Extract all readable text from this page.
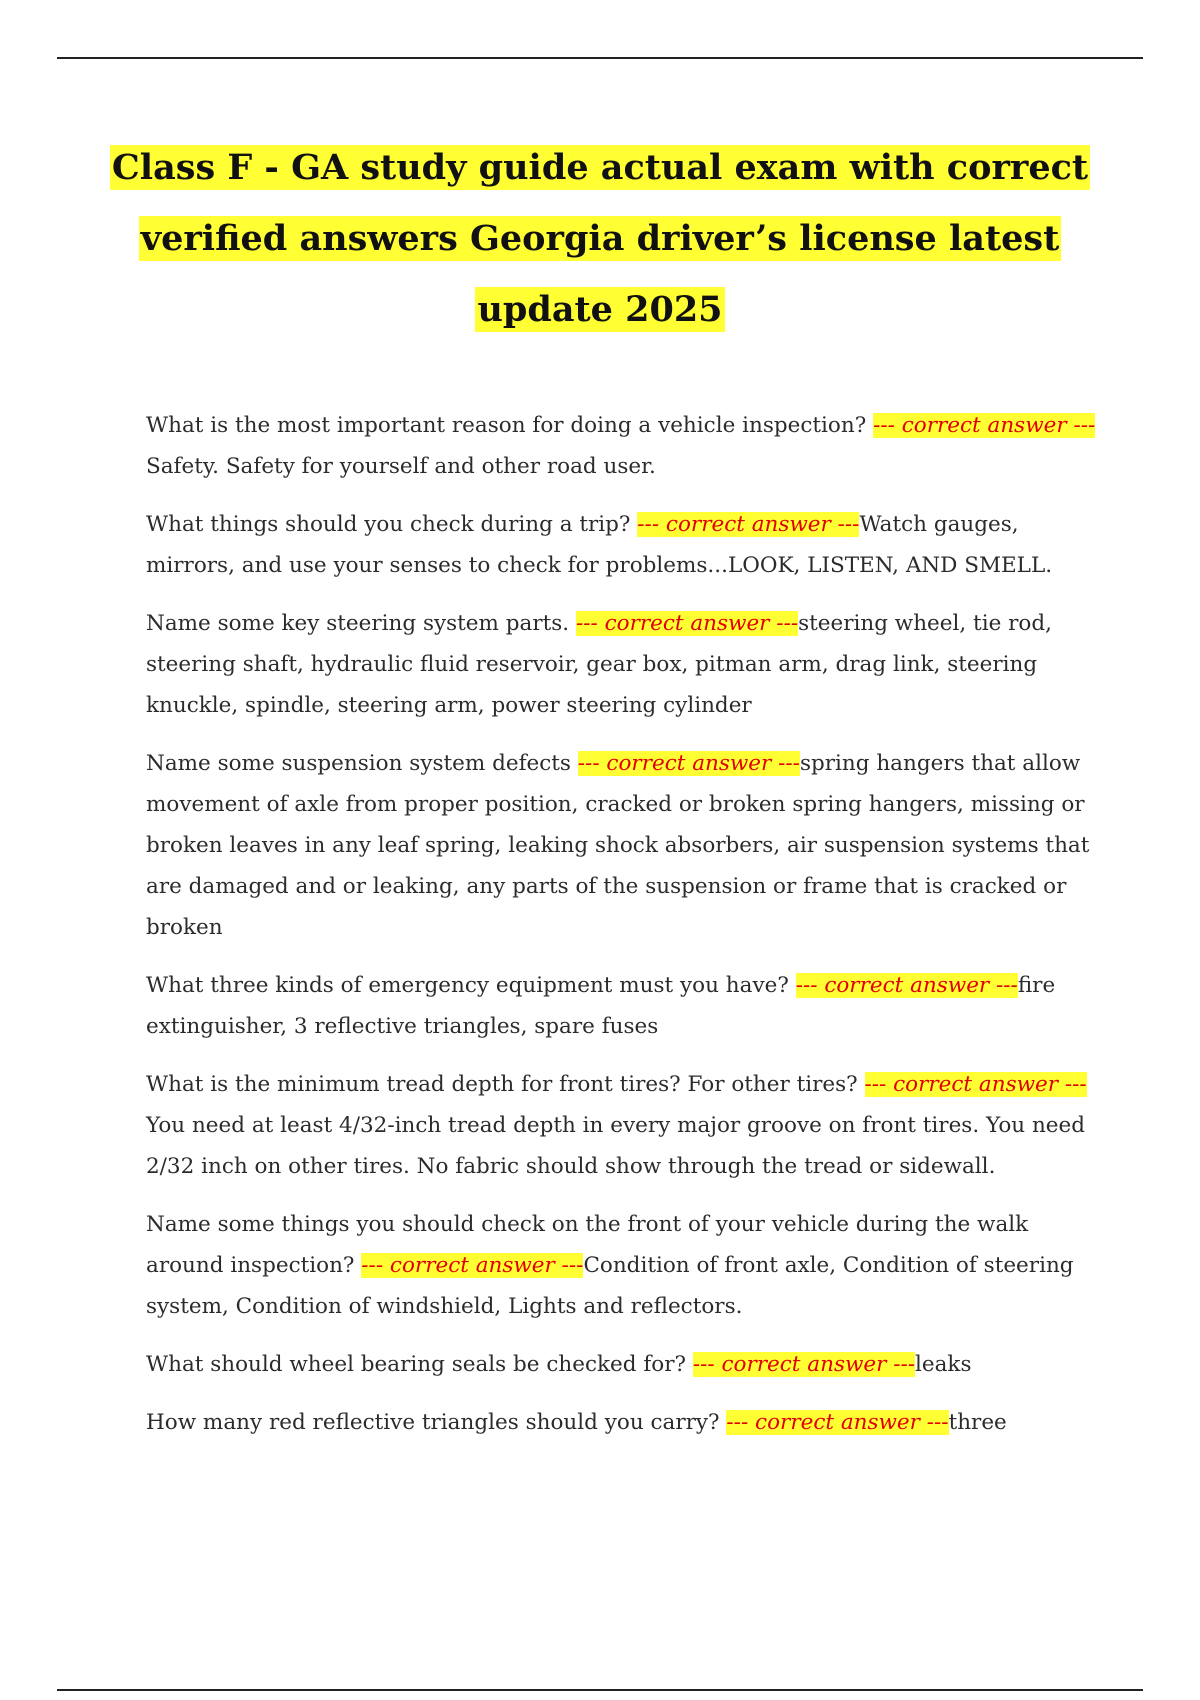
Class F - GA study guide actual exam with correct verified answers Georgia driver’s license latest update 2025

What is the most important reason for doing a vehicle inspection? --- correct answer ---Safety. Safety for yourself and other road user.

What things should you check during a trip? --- correct answer ---Watch gauges, mirrors, and use your senses to check for problems...LOOK, LISTEN, AND SMELL.

Name some key steering system parts. --- correct answer ---steering wheel, tie rod, steering shaft, hydraulic fluid reservoir, gear box, pitman arm, drag link, steering knuckle, spindle, steering arm, power steering cylinder

Name some suspension system defects --- correct answer ---spring hangers that allow movement of axle from proper position, cracked or broken spring hangers, missing or broken leaves in any leaf spring, leaking shock absorbers, air suspension systems that are damaged and or leaking, any parts of the suspension or frame that is cracked or broken

What three kinds of emergency equipment must you have? --- correct answer ---fire extinguisher, 3 reflective triangles, spare fuses

What is the minimum tread depth for front tires? For other tires? --- correct answer ---You need at least 4/32-inch tread depth in every major groove on front tires. You need 2/32 inch on other tires. No fabric should show through the tread or sidewall.

Name some things you should check on the front of your vehicle during the walk around inspection? --- correct answer ---Condition of front axle, Condition of steering system, Condition of windshield, Lights and reflectors.

What should wheel bearing seals be checked for? --- correct answer ---leaks

How many red reflective triangles should you carry? --- correct answer ---three
